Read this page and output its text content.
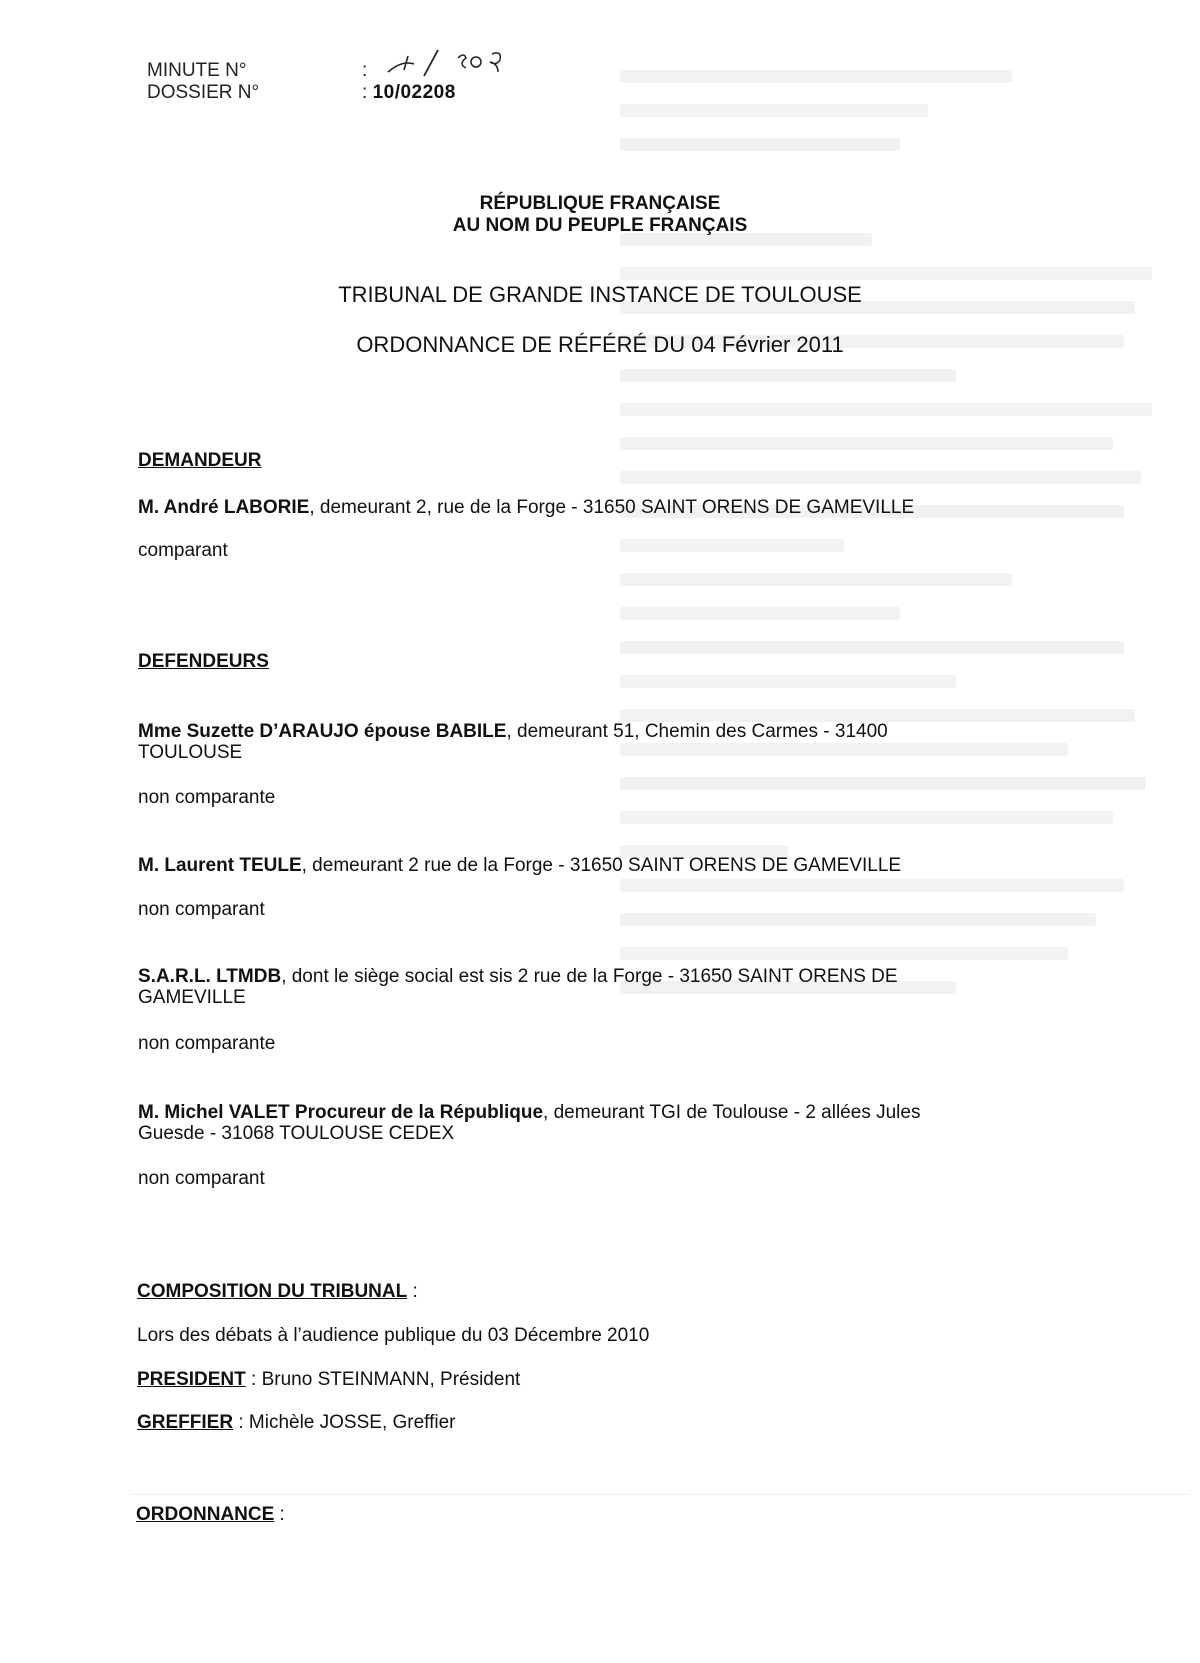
MINUTE N°
DOSSIER N°
:
: 10/02208
RÉPUBLIQUE FRANÇAISE
AU NOM DU PEUPLE FRANÇAIS
TRIBUNAL DE GRANDE INSTANCE DE TOULOUSE
ORDONNANCE DE RÉFÉRÉ DU 04 Février 2011
DEMANDEUR
M. André LABORIE, demeurant 2, rue de la Forge - 31650 SAINT ORENS DE GAMEVILLE
comparant
DEFENDEURS
Mme Suzette D’ARAUJO épouse BABILE, demeurant 51, Chemin des Carmes - 31400
TOULOUSE
non comparante
M. Laurent TEULE, demeurant 2 rue de la Forge - 31650 SAINT ORENS DE GAMEVILLE
non comparant
S.A.R.L. LTMDB, dont le siège social est sis 2 rue de la Forge - 31650 SAINT ORENS DE
GAMEVILLE
non comparante
M. Michel VALET Procureur de la République, demeurant TGI de Toulouse - 2 allées Jules
Guesde - 31068 TOULOUSE CEDEX
non comparant
COMPOSITION DU TRIBUNAL :
Lors des débats à l’audience publique du 03 Décembre 2010
PRESIDENT : Bruno STEINMANN, Président
GREFFIER : Michèle JOSSE, Greffier
ORDONNANCE :
